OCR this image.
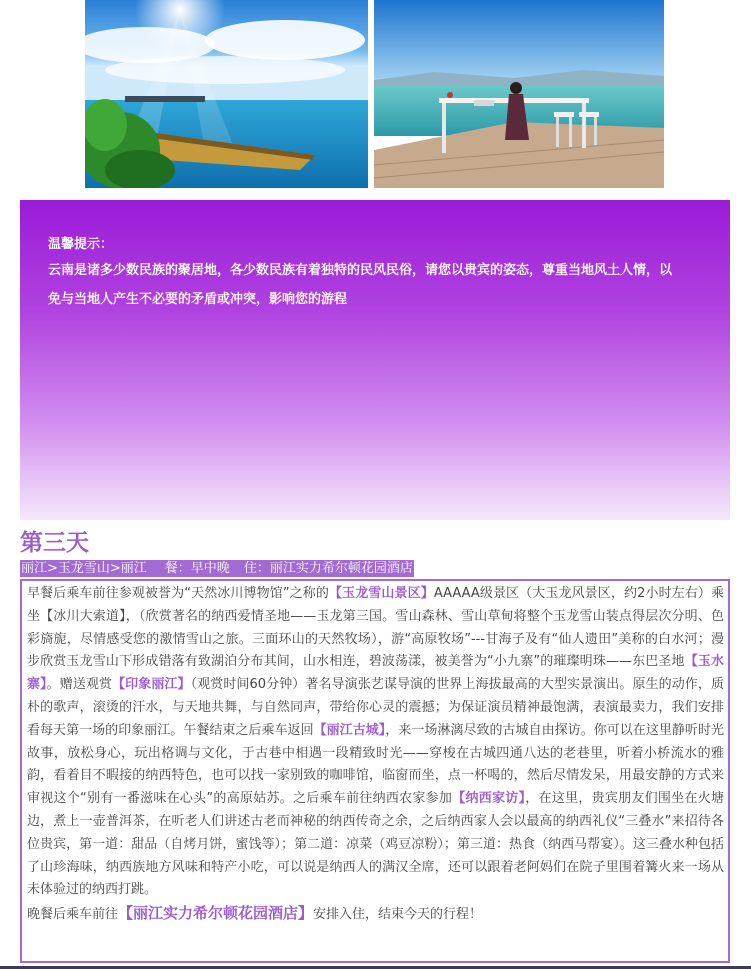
温馨提示：
云南是诸多少数民族的聚居地，各少数民族有着独特的民风民俗，请您以贵宾的姿态，尊重当地风土人情，以免与当地人产生不必要的矛盾或冲突，影响您的游程
第三天
丽江>玉龙雪山>丽江 餐：早中晚 住：丽江实力希尔顿花园酒店
早餐后乘车前往参观被誉为“天然冰川博物馆”之称的【玉龙雪山景区】AAAAA级景区（大玉龙风景区，约2小时左右）乘坐【冰川大索道】，（欣赏著名的纳西爱情圣地——玉龙第三国。雪山森林、雪山草甸将整个玉龙雪山装点得层次分明、色彩旖旎，尽情感受您的激情雪山之旅。三面环山的天然牧场），游“高原牧场”---甘海子及有“仙人遗田”美称的白水河；漫步欣赏玉龙雪山下形成错落有致湖泊分布其间，山水相连，碧波荡漾，被美誉为“小九寨”的璀璨明珠——东巴圣地【玉水寨】。赠送观赏【印象丽江】（观赏时间60分钟）著名导演张艺谋导演的世界上海拔最高的大型实景演出。原生的动作，质朴的歌声，滚烫的汗水，与天地共舞，与自然同声，带给你心灵的震撼；为保证演员精神最饱满，表演最卖力，我们安排看每天第一场的印象丽江。午餐结束之后乘车返回【丽江古城】，来一场淋漓尽致的古城自由探访。你可以在这里静听时光故事，放松身心，玩出格调与文化，于古巷中相遇一段精致时光——穿梭在古城四通八达的老巷里，听着小桥流水的雅韵，看着目不暇接的纳西特色，也可以找一家别致的咖啡馆，临窗而坐，点一杯喝的，然后尽情发呆，用最安静的方式来审视这个“别有一番滋味在心头”的高原姑苏。之后乘车前往纳西农家参加【纳西家访】，在这里，贵宾朋友们围坐在火塘边，煮上一壶普洱茶，在听老人们讲述古老而神秘的纳西传奇之余，之后纳西家人会以最高的纳西礼仪“三叠水”来招待各位贵宾，第一道：甜品（自烤月饼，蜜饯等）；第二道：凉菜（鸡豆凉粉）；第三道：热食（纳西马帮宴）。这三叠水种包括了山珍海味，纳西族地方风味和特产小吃，可以说是纳西人的满汉全席，还可以跟着老阿妈们在院子里围着篝火来一场从未体验过的纳西打跳。
晚餐后乘车前往【丽江实力希尔顿花园酒店】安排入住，结束今天的行程！
